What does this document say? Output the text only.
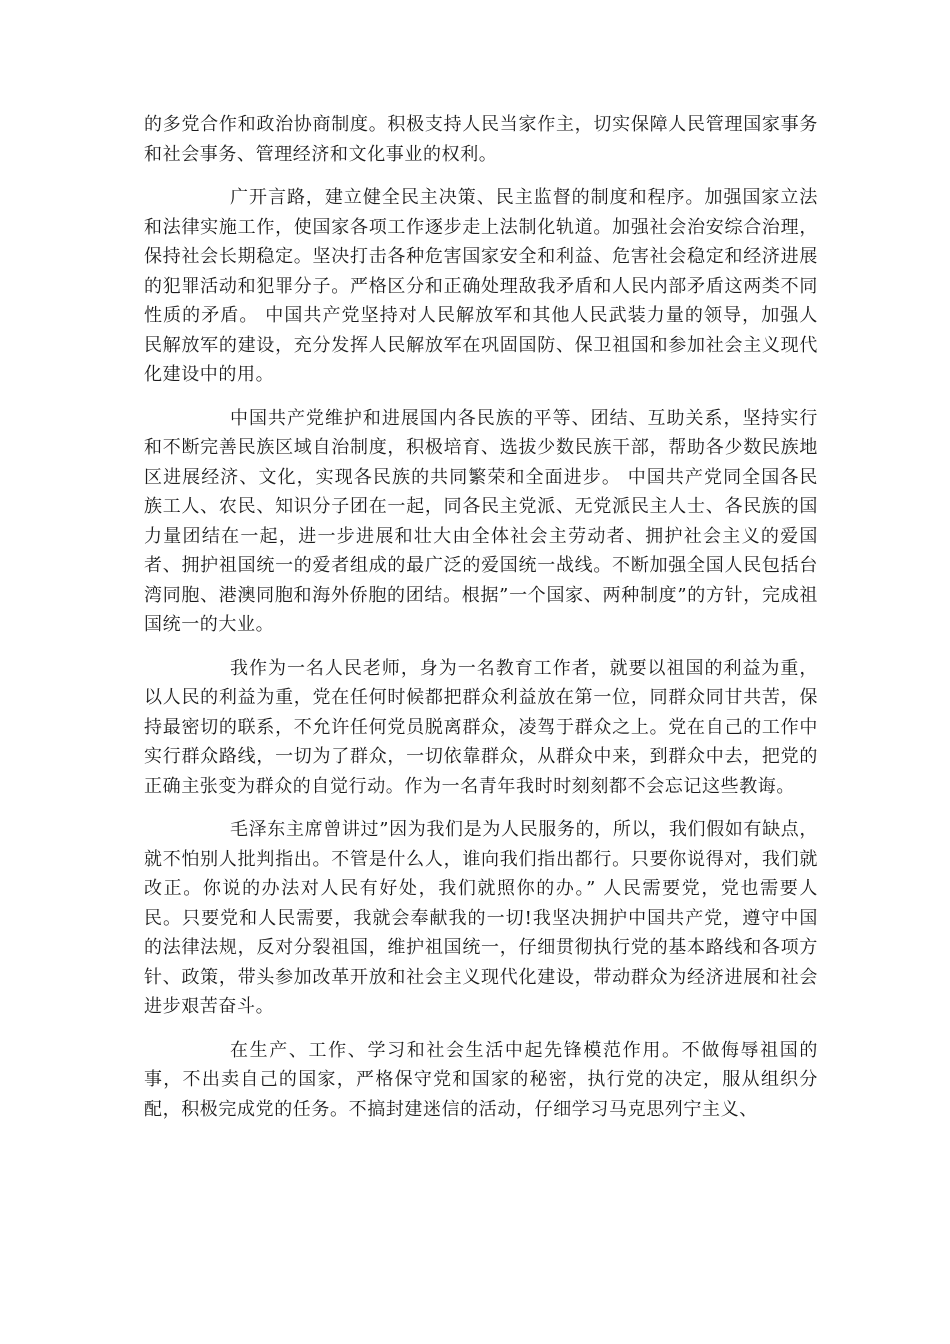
的多党合作和政治协商制度。积极支持人民当家作主，切实保障人民管理国家事务和社会事务、管理经济和文化事业的权利。

广开言路，建立健全民主决策、民主监督的制度和程序。加强国家立法和法律实施工作，使国家各项工作逐步走上法制化轨道。加强社会治安综合治理，保持社会长期稳定。坚决打击各种危害国家安全和利益、危害社会稳定和经济进展的犯罪活动和犯罪分子。严格区分和正确处理敌我矛盾和人民内部矛盾这两类不同性质的矛盾。 中国共产党坚持对人民解放军和其他人民武装力量的领导，加强人民解放军的建设，充分发挥人民解放军在巩固国防、保卫祖国和参加社会主义现代化建设中的用。

中国共产党维护和进展国内各民族的平等、团结、互助关系，坚持实行和不断完善民族区域自治制度，积极培育、选拔少数民族干部，帮助各少数民族地区进展经济、文化，实现各民族的共同繁荣和全面进步。 中国共产党同全国各民族工人、农民、知识分子团在一起，同各民主党派、无党派民主人士、各民族的国力量团结在一起，进一步进展和壮大由全体社会主劳动者、拥护社会主义的爱国者、拥护祖国统一的爱者组成的最广泛的爱国统一战线。不断加强全国人民包括台湾同胞、港澳同胞和海外侨胞的团结。根据”一个国家、两种制度”的方针，完成祖国统一的大业。

我作为一名人民老师，身为一名教育工作者，就要以祖国的利益为重，以人民的利益为重，党在任何时候都把群众利益放在第一位，同群众同甘共苦，保持最密切的联系，不允许任何党员脱离群众，凌驾于群众之上。党在自己的工作中实行群众路线，一切为了群众，一切依靠群众，从群众中来，到群众中去，把党的正确主张变为群众的自觉行动。作为一名青年我时时刻刻都不会忘记这些教诲。

毛泽东主席曾讲过”因为我们是为人民服务的，所以，我们假如有缺点，就不怕别人批判指出。不管是什么人，谁向我们指出都行。只要你说得对，我们就改正。你说的办法对人民有好处，我们就照你的办。” 人民需要党，党也需要人民。只要党和人民需要，我就会奉献我的一切!我坚决拥护中国共产党，遵守中国的法律法规，反对分裂祖国，维护祖国统一，仔细贯彻执行党的基本路线和各项方针、政策，带头参加改革开放和社会主义现代化建设，带动群众为经济进展和社会进步艰苦奋斗。

在生产、工作、学习和社会生活中起先锋模范作用。不做侮辱祖国的事，不出卖自己的国家，严格保守党和国家的秘密，执行党的决定，服从组织分配，积极完成党的任务。不搞封建迷信的活动，仔细学习马克思列宁主义、
